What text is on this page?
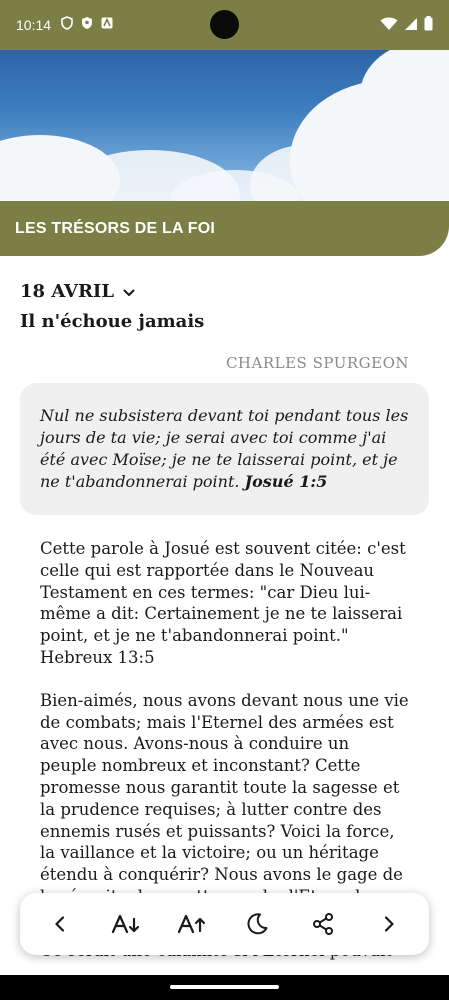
10:14
LES TRÉSORS DE LA FOI
18 AVRIL
Il n'échoue jamais
CHARLES SPURGEON

Nul ne subsistera devant toi pendant tous les jours de ta vie; je serai avec toi comme j'ai été avec Moïse; je ne te laisserai point, et je ne t'abandonnerai point. Josué 1:5

Cette parole à Josué est souvent citée: c'est celle qui est rapportée dans le Nouveau Testament en ces termes: "car Dieu lui-même a dit: Certainement je ne te laisserai point, et je ne t'abandonnerai point." Hebreux 13:5

Bien-aimés, nous avons devant nous une vie de combats; mais l'Eternel des armées est avec nous. Avons-nous à conduire un peuple nombreux et inconstant? Cette promesse nous garantit toute la sagesse et la prudence requises; à lutter contre des ennemis rusés et puissants? Voici la force, la vaillance et la victoire; ou un héritage étendu à conquérir? Nous avons le gage de
